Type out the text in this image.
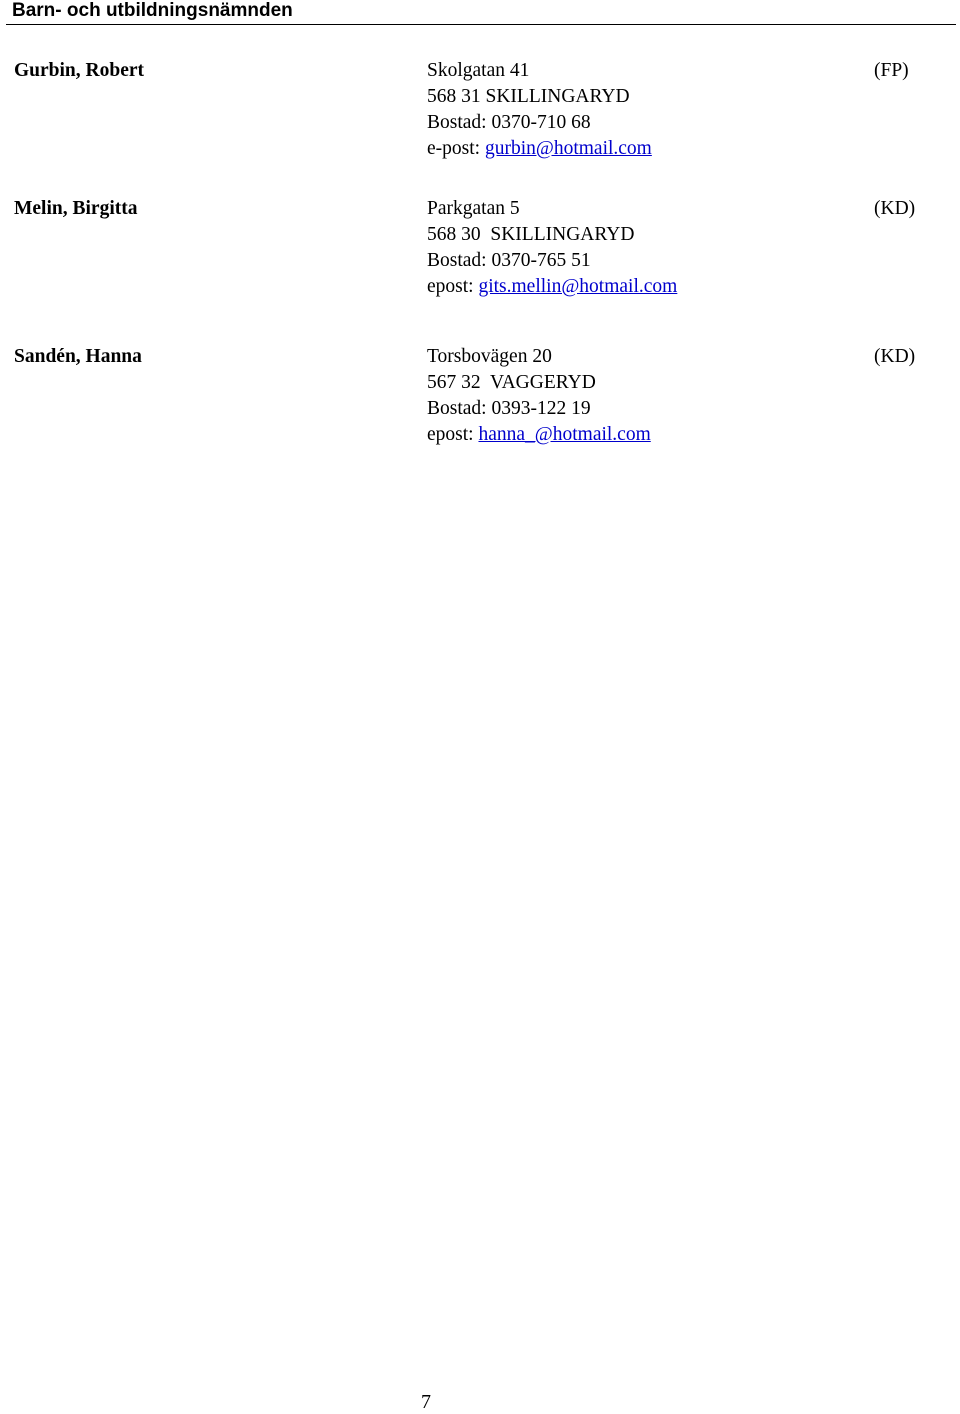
Barn- och utbildningsnämnden
Gurbin, Robert	Skolgatan 41
568 31 SKILLINGARYD
Bostad: 0370-710 68
e-post: gurbin@hotmail.com
(FP)
Melin, Birgitta	Parkgatan 5
568 30  SKILLINGARYD
Bostad: 0370-765 51
epost: gits.mellin@hotmail.com
(KD)
Sandén, Hanna	Torsbovägen 20
567 32  VAGGERYD
Bostad: 0393-122 19
epost: hanna_@hotmail.com
(KD)
7
